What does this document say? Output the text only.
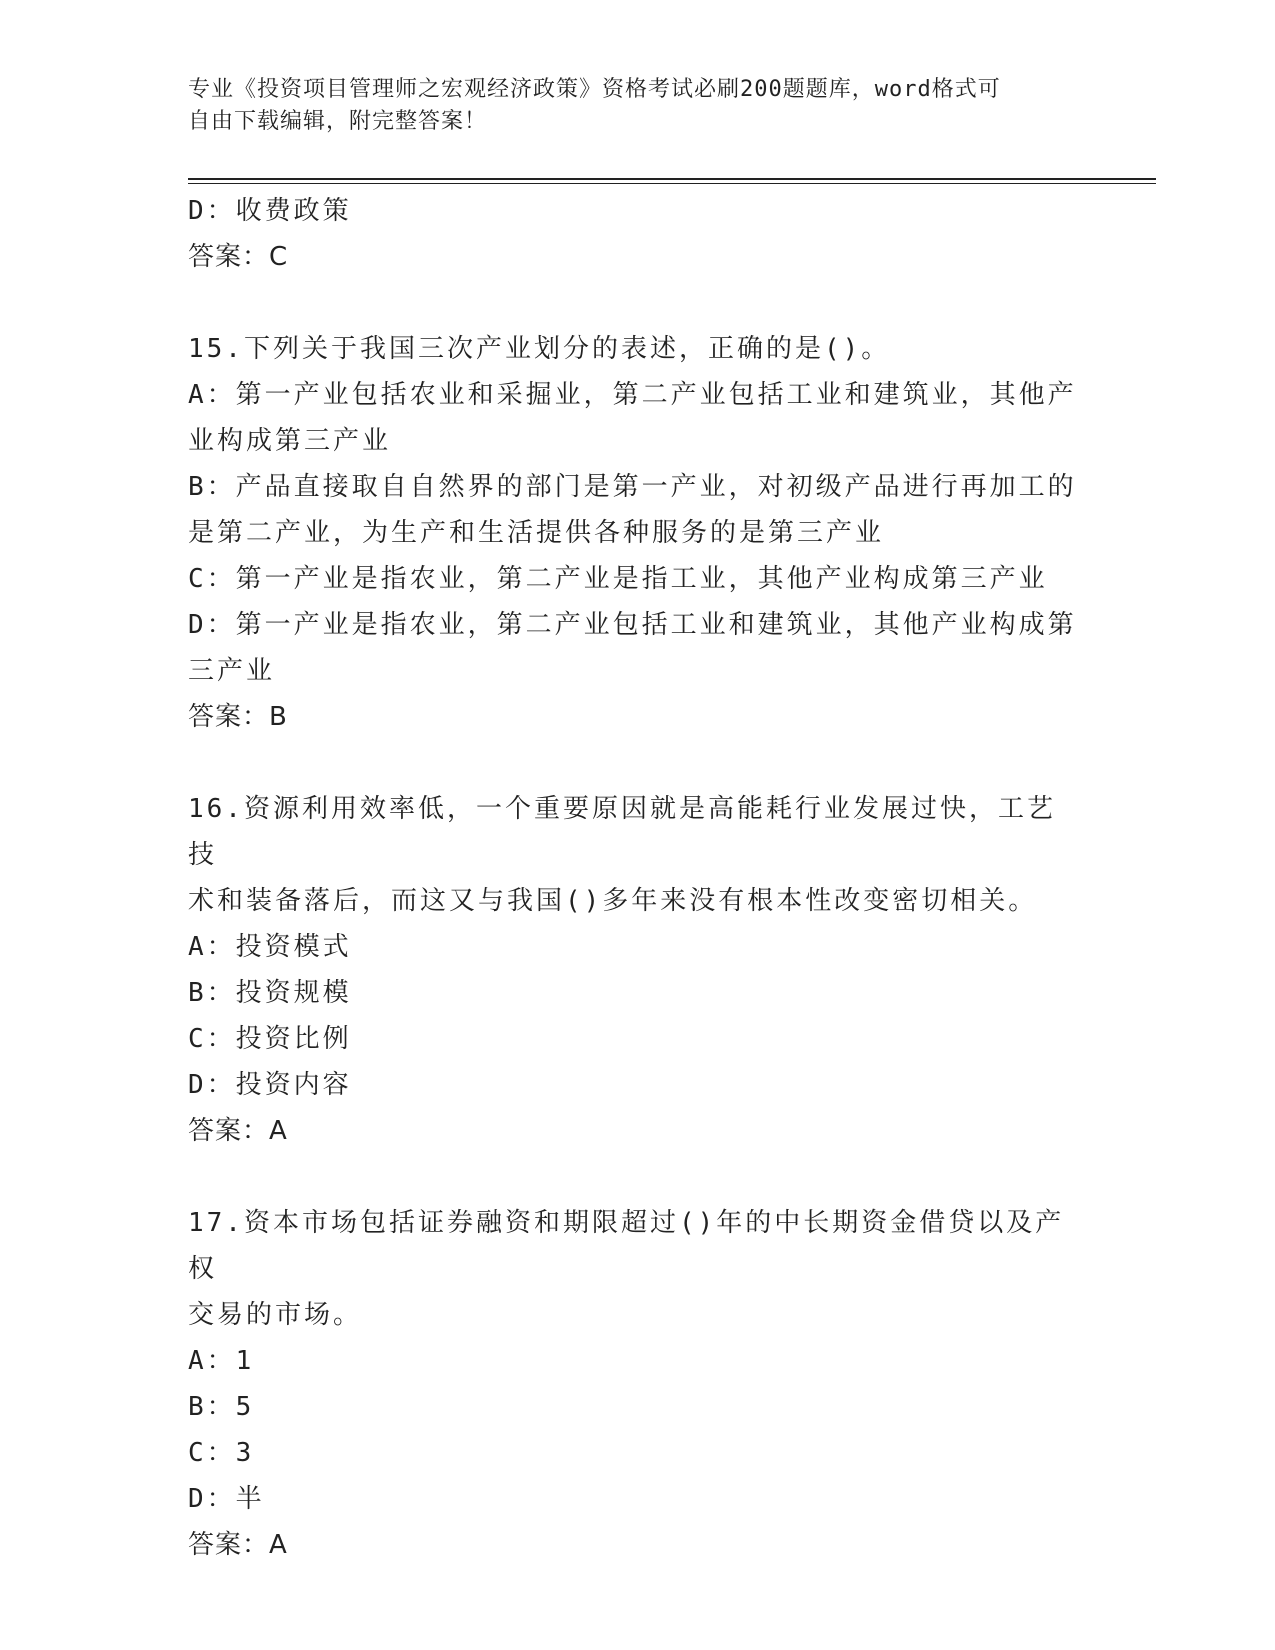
专业《投资项目管理师之宏观经济政策》资格考试必刷200题题库，word格式可
自由下载编辑，附完整答案！
D：收费政策
答案：C
15.下列关于我国三次产业划分的表述，正确的是()。
A：第一产业包括农业和采掘业，第二产业包括工业和建筑业，其他产
业构成第三产业
B：产品直接取自自然界的部门是第一产业，对初级产品进行再加工的
是第二产业，为生产和生活提供各种服务的是第三产业
C：第一产业是指农业，第二产业是指工业，其他产业构成第三产业
D：第一产业是指农业，第二产业包括工业和建筑业，其他产业构成第
三产业
答案：B
16.资源利用效率低，一个重要原因就是高能耗行业发展过快，工艺技
术和装备落后，而这又与我国()多年来没有根本性改变密切相关。
A：投资模式
B：投资规模
C：投资比例
D：投资内容
答案：A
17.资本市场包括证券融资和期限超过()年的中长期资金借贷以及产权
交易的市场。
A：1
B：5
C：3
D：半
答案：A
